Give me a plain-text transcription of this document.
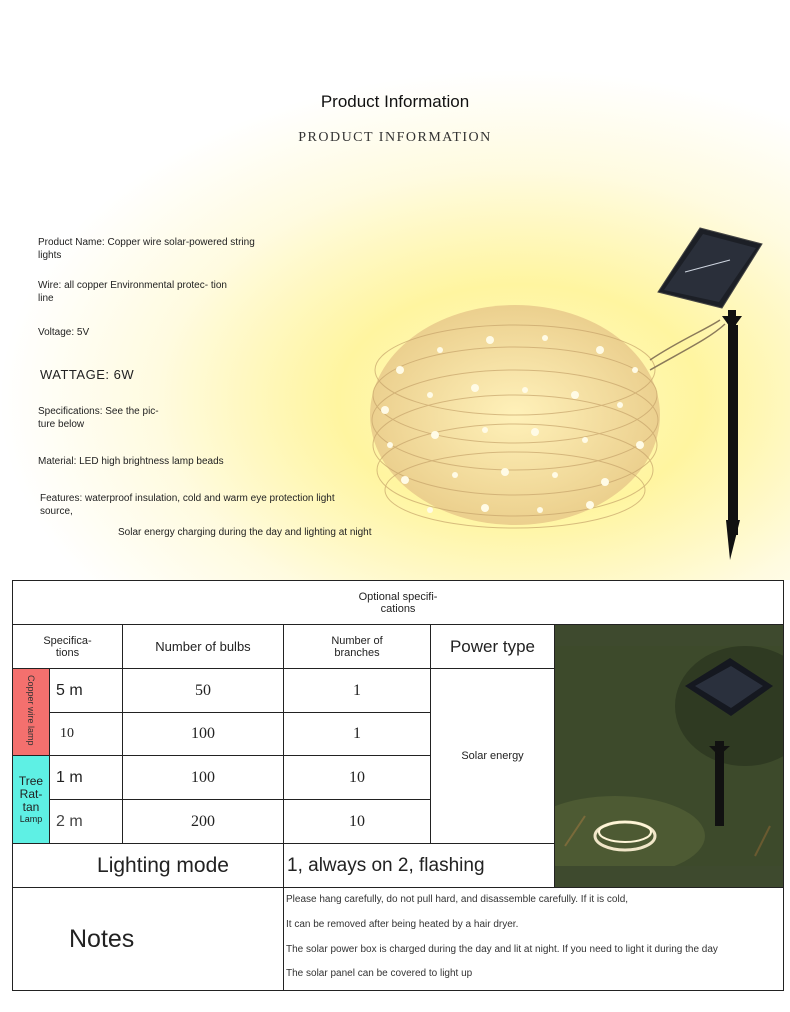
Product Information
PRODUCT INFORMATION
Product Name: Copper wire solar-powered string lights
Wire: all copper Environmental protec- tion line
Voltage: 5V
WATTAGE: 6W
Specifications: See the pic- ture below
Material: LED high brightness lamp beads
Features: waterproof insulation, cold and warm eye protection light source,
Solar energy charging during the day and lighting at night
Optional specifi- cations					

Specifica- tions		Number of bulbs	Number of branches	Power type	

Copper wire lamp	5 m	50	1	Solar energy	
	10	100	1		

Tree Rat- tan
Lamp	1 m	100	10		
	2 m	200	10		
Lighting mode			1, always on 2, flashing		
Notes					
Please hang carefully, do not pull hard, and disassemble carefully. If it is cold,
It can be removed after being heated by a hair dryer.
The solar power box is charged during the day and lit at night. If you need to light it during the day
The solar panel can be covered to light up
